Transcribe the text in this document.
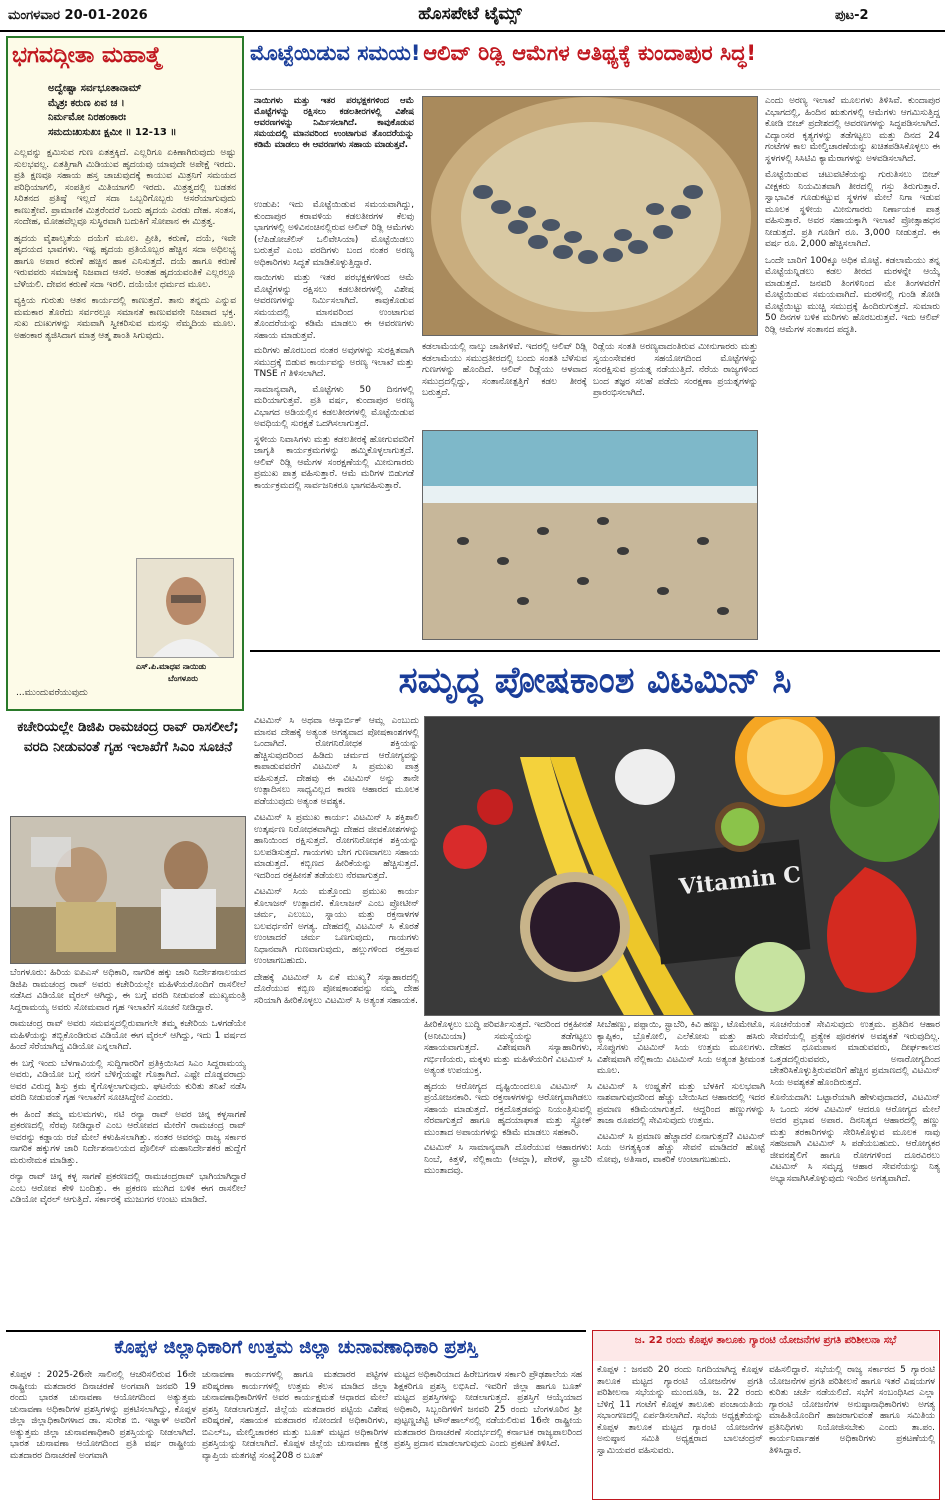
ಮಂಗಳವಾರ 20-01-2026	ಹೊಸಪೇಟೆ ಟೈಮ್ಸ್	ಪುಟ-2
ಭಗವದ್ಗೀತಾ ಮಹಾತ್ಮೆ
ಅದ್ವೇಷ್ಟಾ ಸರ್ವಭೂತಾನಾಮ್
ಮೈತ್ರಃ ಕರುಣ ಏವ ಚ ।
ನಿರ್ಮಮೋ ನಿರಹಂಕಾರಃ
ಸಮದುಃಖಸುಖಃ ಕ್ಷಮೀ ॥ 12-13 ॥

ಎಲ್ಲವನ್ನು ಕ್ಷಮಿಸುವ ಗುಣ ಏತತ್ತಕ್ಕಿದೆ. ಎಲ್ಲರಿಗೂ ಏಕಿಣಾಗಿರುವುದು ಅಷ್ಟು ಸುಲಭವಲ್ಲ. ಏತತ್ತಿಗಾಗಿ ಮಿಡಿಯುವ ಹೃದಯವು ಯಾವುದೇ ಅಪೇಕ್ಷೆ ಇರದು. ಪ್ರತಿ ಕ್ಷಣವೂ ಸಹಾಯ ಹಸ್ತ ಚಾಚುವುದಕ್ಕೆ ಕಾಯುವ ಮಿತ್ರನಿಗೆ ಸಮಯದ ಪರಿಧಿಯಾಗಲಿ, ಸಂಪತ್ತಿನ ಮಿತಿಯಾಗಲಿ ಇರದು. ಮಿತ್ರತ್ವದಲ್ಲಿ ಬಡತನ ಸಿರಿತನದ ಪ್ರತಿಷ್ಠೆ ಇಲ್ಲದೆ ಸದಾ ಒಬ್ಬರಿಗೊಬ್ಬರು ಆಸರೆಯಾಗುವುದು ಕಾಣುತ್ತೇವೆ. ಪ್ರಾಮಾಣಿಕ ಮಿತ್ರರೆಂದರೆ ಒಂದು ಹೃದಯ ಎರಡು ದೇಹ. ಸಂತಸ, ಸಂದೇಹ, ಮೋಹವೆಲ್ಲವೂ ಸುಸ್ಥಿರವಾಗಿ ಬದುಕಿಗೆ ಸೋಪಾನ ಈ ಮಿತ್ರತ್ವ.

ಹೃದಯ ವೈಶಾಲ್ಯತೆಯ ದಯೆಗೆ ಮೂಲ. ಪ್ರೀತಿ, ಕರುಣೆ, ದಯೆ, ಇವೇ ಹೃದಯದ ಭಾವಗಳು. ಇಷ್ಟ ಹೃದಯ ಪ್ರತಿಯೊಬ್ಬರ ಹೆಚ್ಚಿನ ಸದಾ ಅಧಿಲಭ್ಯ ಹಾಗೂ ಅಪಾರ ಕರುಣೆ ಹಚ್ಚಿನ ಹಾಕ ಎನಿಸುತ್ತದೆ. ದಯೆ ಹಾಗೂ ಕರುಣೆ ಇರುವವರು ಸಮಾಜಕ್ಕೆ ನಿಜವಾದ ಆಸರೆ. ಅಂತಹ ಹೃದಯವಂತಿಕೆ ಎಲ್ಲರಲ್ಲೂ ಬೆಳೆಯಲಿ. ದೇವನ ಕರುಣೆ ಸದಾ ಇರಲಿ. ದಯೆಯೇ ಧರ್ಮದ ಮೂಲ.

ವ್ಯಕ್ತಿಯ ಗುರುತು ಆತನ ಕಾರ್ಯದಲ್ಲಿ ಕಾಣುತ್ತದೆ. ತಾನು ತನ್ನದು ಎನ್ನುವ ಮಮಕಾರ ತೊರೆದು ಸರ್ವರಲ್ಲೂ ಸಮಾನತೆ ಕಾಣುವವನೇ ನಿಜವಾದ ಭಕ್ತ. ಸುಖ ದುಃಖಗಳನ್ನು ಸಮವಾಗಿ ಸ್ವೀಕರಿಸುವ ಮನಸ್ಸು ನೆಮ್ಮದಿಯ ಮೂಲ. ಅಹಂಕಾರ ತ್ಯಜಿಸಿದಾಗ ಮಾತ್ರ ಆತ್ಮ ಶಾಂತಿ ಸಿಗುವುದು.

ಎಸ್.ಪಿ.ಮಾಧವ ನಾಯಿಡು
ಬೆಂಗಳೂರು
...ಮುಂದುವರೆಯುವುದು
ಮೊಟ್ಟೆಯಿಡುವ ಸಮಯ! ಆಲಿವ್ ರಿಡ್ಲಿ ಆಮೆಗಳ ಆತಿಥ್ಯಕ್ಕೆ ಕುಂದಾಪುರ ಸಿದ್ಧ!
ನಾಯಿಗಳು ಮತ್ತು ಇತರ ಪರಭಕ್ಷಕಗಳಿಂದ ಆಮೆ ಮೊಟ್ಟೆಗಳನ್ನು ರಕ್ಷಿಸಲು ಕಡಲತೀರಗಳಲ್ಲಿ ವಿಶೇಷ ಆವರಣಗಳನ್ನು ನಿರ್ಮಿಸಲಾಗಿದೆ. ಕಾವುಕೊಡುವ ಸಮಯದಲ್ಲಿ ಮಾನವರಿಂದ ಉಂಟಾಗುವ ತೊಂದರೆಯನ್ನು ಕಡಿಮೆ ಮಾಡಲು ಈ ಆವರಣಗಳು ಸಹಾಯ ಮಾಡುತ್ತವೆ.

ಉಡುಪಿ: ಇದು ಮೊಟ್ಟೆಯಿಡುವ ಸಮಯವಾಗಿದ್ದು, ಕುಂದಾಪುರ ಕರಾವಳಿಯ ಕಡಲತೀರಗಳ ಕೆಲವು ಭಾಗಗಳಲ್ಲಿ ಅಳಿವಿನಂಚಿನಲ್ಲಿರುವ ಆಲಿವ್ ರಿಡ್ಲಿ ಆಮೆಗಳು (ಲೆಪಿಡೋಚೆಲಿಸ್ ಒಲಿವೇಸಿಯಾ) ಮೊಟ್ಟೆಯಿಡಲು ಬರುತ್ತವೆ ಎಂಬ ವರದಿಗಳು ಬಂದ ನಂತರ ಅರಣ್ಯ ಅಧಿಕಾರಿಗಳು ಸಿದ್ಧತೆ ಮಾಡಿಕೊಳ್ಳುತ್ತಿದ್ದಾರೆ.

ನಾಯಿಗಳು ಮತ್ತು ಇತರ ಪರಭಕ್ಷಕಗಳಿಂದ ಆಮೆ ಮೊಟ್ಟೆಗಳನ್ನು ರಕ್ಷಿಸಲು ಕಡಲತೀರಗಳಲ್ಲಿ ವಿಶೇಷ ಆವರಣಗಳನ್ನು ನಿರ್ಮಿಸಲಾಗಿದೆ. ಕಾವುಕೊಡುವ ಸಮಯದಲ್ಲಿ ಮಾನವರಿಂದ ಉಂಟಾಗುವ ತೊಂದರೆಯನ್ನು ಕಡಿಮೆ ಮಾಡಲು ಈ ಆವರಣಗಳು ಸಹಾಯ ಮಾಡುತ್ತವೆ.

ಮರಿಗಳು ಹೊರಬಂದ ನಂತರ ಅವುಗಳನ್ನು ಸುರಕ್ಷಿತವಾಗಿ ಸಮುದ್ರಕ್ಕೆ ಬಿಡುವ ಕಾರ್ಯವನ್ನು ಅರಣ್ಯ ಇಲಾಖೆ ಮತ್ತು TNSE ಗೆ ತಿಳಿಸಲಾಗಿದೆ.

ಸಾಮಾನ್ಯವಾಗಿ, ಮೊಟ್ಟೆಗಳು 50 ದಿನಗಳಲ್ಲಿ ಮರಿಯಾಗುತ್ತವೆ. ಪ್ರತಿ ವರ್ಷ, ಕುಂದಾಪುರ ಅರಣ್ಯ ವಿಭಾಗದ ಅಡಿಯಲ್ಲಿನ ಕಡಲತೀರಗಳಲ್ಲಿ ಮೊಟ್ಟೆಯಿಡುವ ಅವಧಿಯಲ್ಲಿ ಸುರಕ್ಷತೆ ಒದಗಿಸಲಾಗುತ್ತದೆ.

ಸ್ಥಳೀಯ ನಿವಾಸಿಗಳು ಮತ್ತು ಕಡಲತೀರಕ್ಕೆ ಹೋಗುವವರಿಗೆ ಜಾಗೃತಿ ಕಾರ್ಯಕ್ರಮಗಳನ್ನು ಹಮ್ಮಿಕೊಳ್ಳಲಾಗುತ್ತದೆ. ಆಲಿವ್ ರಿಡ್ಲಿ ಆಮೆಗಳ ಸಂರಕ್ಷಣೆಯಲ್ಲಿ ಮೀನುಗಾರರು ಪ್ರಮುಖ ಪಾತ್ರ ವಹಿಸುತ್ತಾರೆ. ಆಮೆ ಮರಿಗಳ ಬಿಡುಗಡೆ ಕಾರ್ಯಕ್ರಮದಲ್ಲಿ ಸಾರ್ವಜನಿಕರೂ ಭಾಗವಹಿಸುತ್ತಾರೆ.

ಕಡಲಾಮೆಯಲ್ಲಿ ನಾಲ್ಕು ಜಾತಿಗಳಿವೆ. ಇದರಲ್ಲಿ ಆಲಿವ್ ರಿಡ್ಲಿ ಕಡಲಾಮೆಯು ಸಮುದ್ರತೀರದಲ್ಲಿ ಬಂದು ಸಂತತಿ ಬೆಳೆಸುವ ಗುಣಗಳನ್ನು ಹೊಂದಿದೆ. ಆಲಿವ್ ರಿಡ್ಲೆಯು ಆಳವಾದ ಸಮುದ್ರದಲ್ಲಿದ್ದು, ಸಂತಾನೋತ್ಪತ್ತಿಗೆ ಕಡಲ ತೀರಕ್ಕೆ ಬರುತ್ತದೆ.

ರಿಡ್ಲೆಯ ಸಂತತಿ ಅರಣ್ಯವಾದಂತಿರುವ ಮೀನುಗಾರರು ಮತ್ತು ಸ್ವಯಂಸೇವಕರ ಸಹಯೋಗದಿಂದ ಮೊಟ್ಟೆಗಳನ್ನು ಸಂರಕ್ಷಿಸುವ ಪ್ರಯತ್ನ ನಡೆಯುತ್ತಿದೆ. ನೆರೆಯ ರಾಜ್ಯಗಳಿಂದ ಬಂದ ತಜ್ಞರ ಸಲಹೆ ಪಡೆದು ಸಂರಕ್ಷಣಾ ಪ್ರಯತ್ನಗಳನ್ನು ಪ್ರಾರಂಭಿಸಲಾಗಿದೆ.

ಎಂದು ಅರಣ್ಯ ಇಲಾಖೆ ಮೂಲಗಳು ತಿಳಿಸಿವೆ. ಕುಂದಾಪುರ ವಿಭಾಗದಲ್ಲಿ, ಹಿಂದಿನ ಋತುಗಳಲ್ಲಿ ಆಮೆಗಳು ಆಗಮಿಸುತ್ತಿದ್ದ ಕೋಡಿ ಬೀಚ್ ಪ್ರದೇಶದಲ್ಲಿ ಆವರಣಗಳನ್ನು ಸಿದ್ಧಪಡಿಸಲಾಗಿದೆ. ವಿದ್ಯಾಂಸರ ಕೃತ್ಯಗಳನ್ನು ತಡೆಗಟ್ಟಲು ಮತ್ತು ದಿನದ 24 ಗಂಟೆಗಳ ಕಾಲ ಮೇಲ್ವಿಚಾರಣೆಯನ್ನು ಖಚಿತಪಡಿಸಿಕೊಳ್ಳಲು ಈ ಸ್ಥಳಗಳಲ್ಲಿ ಸಿಸಿಟಿವಿ ಕ್ಯಾಮೆರಾಗಳನ್ನು ಅಳವಡಿಸಲಾಗಿದೆ.

ಮೊಟ್ಟೆಯಿಡುವ ಚಟುವಟಿಕೆಯನ್ನು ಗುರುತಿಸಲು ಬೀಚ್ ವೀಕ್ಷಕರು ನಿಯಮಿತವಾಗಿ ತೀರದಲ್ಲಿ ಗಸ್ತು ತಿರುಗುತ್ತಾರೆ. ಸ್ವಾಭಾವಿಕ ಗೂಡುಕಟ್ಟುವ ಸ್ಥಳಗಳ ಮೇಲೆ ನಿಗಾ ಇಡುವ ಮೂಲಕ ಸ್ಥಳೀಯ ಮೀನುಗಾರರು ನಿರ್ಣಾಯಕ ಪಾತ್ರ ವಹಿಸುತ್ತಾರೆ. ಅವರ ಸಹಾಯಕ್ಕಾಗಿ ಇಲಾಖೆ ಪ್ರೋತ್ಸಾಹಧನ ನೀಡುತ್ತದೆ. ಪ್ರತಿ ಗೂಡಿಗೆ ರೂ. 3,000 ನೀಡುತ್ತದೆ. ಈ ವರ್ಷ ರೂ. 2,000 ಹೆಚ್ಚಿಸಲಾಗಿದೆ.

ಒಂದೇ ಬಾರಿಗೆ 100ಕ್ಕೂ ಅಧಿಕ ಮೊಟ್ಟೆ. ಕಡಲಾಮೆಯು ತನ್ನ ಮೊಟ್ಟೆಯನ್ನಿಡಲು ಕಡಲ ತೀರದ ಮರಳನ್ನೇ ಆಯ್ಕೆ ಮಾಡುತ್ತದೆ. ಜನವರಿ ತಿಂಗಳಿನಿಂದ ಮೇ ತಿಂಗಳವರೆಗೆ ಮೊಟ್ಟೆಯಿಡುವ ಸಮಯವಾಗಿದೆ. ಮರಳಿನಲ್ಲಿ ಗುಂಡಿ ತೋಡಿ ಮೊಟ್ಟೆಯಿಟ್ಟು ಮುಚ್ಚಿ ಸಮುದ್ರಕ್ಕೆ ಹಿಂದಿರುಗುತ್ತದೆ. ಸುಮಾರು 50 ದಿನಗಳ ಬಳಿಕ ಮರಿಗಳು ಹೊರಬರುತ್ತವೆ. ಇದು ಆಲಿವ್ ರಿಡ್ಲಿ ಆಮೆಗಳ ಸಂತಾನದ ಪದ್ಧತಿ.

ಸಮೃದ್ಧ ಪೋಷಕಾಂಶ ವಿಟಮಿನ್ ಸಿ

ವಿಟಮಿನ್ ಸಿ ಅಥವಾ ಆಸ್ಕಾರ್ಬಿಕ್ ಆಮ್ಲ ಎಂಬುದು ಮಾನವ ದೇಹಕ್ಕೆ ಅತ್ಯಂತ ಅಗತ್ಯವಾದ ಪೋಷಕಾಂಶಗಳಲ್ಲಿ ಒಂದಾಗಿದೆ. ರೋಗನಿರೋಧಕ ಶಕ್ತಿಯನ್ನು ಹೆಚ್ಚಿಸುವುದರಿಂದ ಹಿಡಿದು ಚರ್ಮದ ಆರೋಗ್ಯವನ್ನು ಕಾಪಾಡುವವರೆಗೆ ವಿಟಮಿನ್ ಸಿ ಪ್ರಮುಖ ಪಾತ್ರ ವಹಿಸುತ್ತದೆ. ದೇಹವು ಈ ವಿಟಮಿನ್ ಅನ್ನು ತಾನೇ ಉತ್ಪಾದಿಸಲು ಸಾಧ್ಯವಿಲ್ಲದ ಕಾರಣ ಆಹಾರದ ಮೂಲಕ ಪಡೆಯುವುದು ಅತ್ಯಂತ ಅವಶ್ಯಕ.

ವಿಟಮಿನ್ ಸಿ ಪ್ರಮುಖ ಕಾರ್ಯ: ವಿಟಮಿನ್ ಸಿ ಶಕ್ತಿಶಾಲಿ ಉತ್ಕರ್ಷಣ ನಿರೋಧಕವಾಗಿದ್ದು ದೇಹದ ಜೀವಕೋಶಗಳನ್ನು ಹಾನಿಯಿಂದ ರಕ್ಷಿಸುತ್ತದೆ. ರೋಗನಿರೋಧಕ ಶಕ್ತಿಯನ್ನು ಬಲಪಡಿಸುತ್ತದೆ. ಗಾಯಗಳು ಬೇಗ ಗುಣವಾಗಲು ಸಹಾಯ ಮಾಡುತ್ತದೆ. ಕಬ್ಬಿಣದ ಹೀರಿಕೆಯನ್ನು ಹೆಚ್ಚಿಸುತ್ತದೆ. ಇದರಿಂದ ರಕ್ತಹೀನತೆ ತಡೆಯಲು ನೆರವಾಗುತ್ತದೆ.

ವಿಟಮಿನ್ ಸಿಯ ಮತ್ತೊಂದು ಪ್ರಮುಖ ಕಾರ್ಯ ಕೊಲಾಜನ್ ಉತ್ಪಾದನೆ. ಕೊಲಾಜನ್ ಎಂಬ ಪ್ರೋಟೀನ್ ಚರ್ಮ, ಎಲುಬು, ಸ್ನಾಯು ಮತ್ತು ರಕ್ತನಾಳಗಳ ಬಲವರ್ಧನೆಗೆ ಅಗತ್ಯ. ದೇಹದಲ್ಲಿ ವಿಟಮಿನ್ ಸಿ ಕೊರತೆ ಉಂಟಾದರೆ ಚರ್ಮ ಒಣಗುವುದು, ಗಾಯಗಳು ನಿಧಾನವಾಗಿ ಗುಣವಾಗುವುದು, ಹಲ್ಲುಗಳಿಂದ ರಕ್ತಸ್ರಾವ ಉಂಟಾಗಬಹುದು.

ದೇಹಕ್ಕೆ ವಿಟಮಿನ್ ಸಿ ಏಕೆ ಮುಖ್ಯ? ಸಸ್ಯಾಹಾರದಲ್ಲಿ ದೊರೆಯುವ ಕಬ್ಬಿಣ ಪೋಷಕಾಂಶವನ್ನು ನಮ್ಮ ದೇಹ ಸರಿಯಾಗಿ ಹೀರಿಕೊಳ್ಳಲು ವಿಟಮಿನ್ ಸಿ ಅತ್ಯಂತ ಸಹಾಯಕ.

Vitamin C

ಹೀರಿಕೊಳ್ಳಲು ಬುದ್ಧಿ ಪರಿವರ್ತಿಸುತ್ತದೆ. ಇದರಿಂದ ರಕ್ತಹೀನತೆ (ಅನೀಮಿಯಾ) ಸಮಸ್ಯೆಯನ್ನು ತಡೆಗಟ್ಟಲು ಸಹಾಯವಾಗುತ್ತದೆ. ವಿಶೇಷವಾಗಿ ಸಸ್ಯಾಹಾರಿಗಳು, ಗರ್ಭಿಣಿಯರು, ಮಕ್ಕಳು ಮತ್ತು ಮಹಿಳೆಯರಿಗೆ ವಿಟಮಿನ್ ಸಿ ಅತ್ಯಂತ ಉಪಯುಕ್ತ.

ಹೃದಯ ಆರೋಗ್ಯದ ದೃಷ್ಟಿಯಿಂದಲೂ ವಿಟಮಿನ್ ಸಿ ಪ್ರಯೋಜನಕಾರಿ. ಇದು ರಕ್ತನಾಳಗಳನ್ನು ಆರೋಗ್ಯವಾಗಿಡಲು ಸಹಾಯ ಮಾಡುತ್ತದೆ. ರಕ್ತದೊತ್ತಡವನ್ನು ನಿಯಂತ್ರಿಸುವಲ್ಲಿ ನೆರವಾಗುತ್ತದೆ ಹಾಗೂ ಹೃದಯಾಘಾತ ಮತ್ತು ಸ್ಟ್ರೋಕ್ ಮುಂತಾದ ಅಪಾಯಗಳನ್ನು ಕಡಿಮೆ ಮಾಡಲು ಸಹಕಾರಿ.

ವಿಟಮಿನ್ ಸಿ ಸಾಮಾನ್ಯವಾಗಿ ದೊರೆಯುವ ಆಹಾರಗಳು: ನಿಂಬೆ, ಕಿತ್ತಳೆ, ನೆಲ್ಲಿಕಾಯಿ (ಆಮ್ಲಾ), ಪೇರಳೆ, ಸ್ಟ್ರಾಬೆರಿ ಮುಂತಾದವು.

ಸೀಬೆಹಣ್ಣು, ಪಪ್ಪಾಯಿ, ಸ್ಟ್ರಾಬೆರಿ, ಕಿವಿ ಹಣ್ಣು, ಟೊಮೇಟೊ, ಕ್ಯಾಪ್ಸಿಕಂ, ಬ್ರೊಕೋಲಿ, ಎಲೆಕೋಸು ಮತ್ತು ಹಸಿರು ಸೊಪ್ಪುಗಳು ವಿಟಮಿನ್ ಸಿಯ ಉತ್ತಮ ಮೂಲಗಳು. ವಿಶೇಷವಾಗಿ ನೆಲ್ಲಿಕಾಯಿ ವಿಟಮಿನ್ ಸಿಯ ಅತ್ಯಂತ ಶ್ರೀಮಂತ ಮೂಲ.

ವಿಟಮಿನ್ ಸಿ ಉಷ್ಣತೆಗೆ ಮತ್ತು ಬೆಳಕಿಗೆ ಸುಲಭವಾಗಿ ನಾಶವಾಗುವುದರಿಂದ ಹೆಚ್ಚು ಬೇಯಿಸಿದ ಆಹಾರದಲ್ಲಿ ಇದರ ಪ್ರಮಾಣ ಕಡಿಮೆಯಾಗುತ್ತದೆ. ಆದ್ದರಿಂದ ಹಣ್ಣುಗಳನ್ನು ತಾಜಾ ರೂಪದಲ್ಲಿ ಸೇವಿಸುವುದು ಉತ್ತಮ.

ವಿಟಮಿನ್ ಸಿ ಪ್ರಮಾಣ ಹೆಚ್ಚಾದರೆ ಏನಾಗುತ್ತದೆ? ವಿಟಮಿನ್ ಸಿಯ ಅಗತ್ಯಕ್ಕಿಂತ ಹೆಚ್ಚು ಸೇವನೆ ಮಾಡಿದರೆ ಹೊಟ್ಟೆ ನೋವು, ಅತಿಸಾರ, ವಾಕರಿಕೆ ಉಂಟಾಗಬಹುದು.

ಸೂಚನೆಯಂತೆ ಸೇವಿಸುವುದು ಉತ್ತಮ. ಪ್ರತಿದಿನ ಆಹಾರ ಸೇವನೆಯಲ್ಲಿ ಪ್ರತ್ಯೇಕ ಪೂರಕಗಳ ಅವಶ್ಯಕತೆ ಇರುವುದಿಲ್ಲ. ದೇಹದ ಧೂಮಪಾನ ಮಾಡುವವರು, ದೀರ್ಘಕಾಲದ ಒತ್ತಡದಲ್ಲಿರುವವರು, ಅನಾರೋಗ್ಯದಿಂದ ಚೇತರಿಸಿಕೊಳ್ಳುತ್ತಿರುವವರಿಗೆ ಹೆಚ್ಚಿನ ಪ್ರಮಾಣದಲ್ಲಿ ವಿಟಮಿನ್ ಸಿಯ ಅವಶ್ಯಕತೆ ಹೊಂದಿರುತ್ತದೆ.

ಕೊನೆಯದಾಗಿ: ಒಟ್ಟಾರೆಯಾಗಿ ಹೇಳುವುದಾದರೆ, ವಿಟಮಿನ್ ಸಿ ಒಂದು ಸರಳ ವಿಟಮಿನ್ ಆದರೂ ಆರೋಗ್ಯದ ಮೇಲೆ ಅದರ ಪ್ರಭಾವ ಅಪಾರ. ದಿನನಿತ್ಯದ ಆಹಾರದಲ್ಲಿ ಹಣ್ಣು ಮತ್ತು ತರಕಾರಿಗಳನ್ನು ಸೇರಿಸಿಕೊಳ್ಳುವ ಮೂಲಕ ನಾವು ಸಹಜವಾಗಿ ವಿಟಮಿನ್ ಸಿ ಪಡೆಯಬಹುದು. ಆರೋಗ್ಯಕರ ಜೀವನಶೈಲಿಗೆ ಹಾಗೂ ರೋಗಗಳಿಂದ ದೂರವಿರಲು ವಿಟಮಿನ್ ಸಿ ಸಮೃದ್ಧ ಆಹಾರ ಸೇವನೆಯನ್ನು ನಿತ್ಯ ಅಭ್ಯಾಸವಾಗಿಸಿಕೊಳ್ಳುವುದು ಇಂದಿನ ಅಗತ್ಯವಾಗಿದೆ.

ಕಚೇರಿಯಲ್ಲೇ ಡಿಜಿಪಿ ರಾಮಚಂದ್ರ ರಾವ್ ರಾಸಲೀಲೆ; ವರದಿ ನೀಡುವಂತೆ ಗೃಹ ಇಲಾಖೆಗೆ ಸಿಎಂ ಸೂಚನೆ

ಬೆಂಗಳೂರು: ಹಿರಿಯ ಐಪಿಎಸ್ ಅಧಿಕಾರಿ, ನಾಗರಿಕ ಹಕ್ಕು ಜಾರಿ ನಿರ್ದೇಶನಾಲಯದ ಡಿಜಿಪಿ ರಾಮಚಂದ್ರ ರಾವ್ ಅವರು ಕಚೇರಿಯಲ್ಲೇ ಮಹಿಳೆಯರೊಂದಿಗೆ ರಾಸಲೀಲೆ ನಡೆಸಿದ ವಿಡಿಯೋ ವೈರಲ್ ಆಗಿದ್ದು, ಈ ಬಗ್ಗೆ ವರದಿ ನೀಡುವಂತೆ ಮುಖ್ಯಮಂತ್ರಿ ಸಿದ್ದರಾಮಯ್ಯ ಅವರು ಸೋಮವಾರ ಗೃಹ ಇಲಾಖೆಗೆ ಸೂಚನೆ ನೀಡಿದ್ದಾರೆ.

ರಾಮಚಂದ್ರ ರಾವ್ ಅವರು ಸಮವಸ್ತ್ರದಲ್ಲಿರುವಾಗಲೇ ತಮ್ಮ ಕಚೇರಿಯ ಒಳಗಡೆಯೇ ಮಹಿಳೆಯನ್ನು ತಬ್ಬಿಕೊಂಡಿರುವ ವಿಡಿಯೋ ಈಗ ವೈರಲ್ ಆಗಿದ್ದು, ಇದು 1 ವರ್ಷದ ಹಿಂದೆ ಸೆರೆಯಾಗಿದ್ದ ವಿಡಿಯೋ ಎನ್ನಲಾಗಿದೆ.

ಈ ಬಗ್ಗೆ ಇಂದು ಬೆಳಗಾವಿಯಲ್ಲಿ ಸುದ್ದಿಗಾರರಿಗೆ ಪ್ರತಿಕ್ರಿಯಿಸಿದ ಸಿಎಂ ಸಿದ್ದರಾಮಯ್ಯ ಅವರು, ವಿಡಿಯೋ ಬಗ್ಗೆ ನನಗೆ ಬೆಳಿಗ್ಗೆಯಷ್ಟೇ ಗೊತ್ತಾಗಿದೆ. ಎಷ್ಟೇ ದೊಡ್ಡವರಾದ್ರು ಅವರ ವಿರುದ್ಧ ಶಿಸ್ತು ಕ್ರಮ ಕೈಗೊಳ್ಳಲಾಗುವುದು. ಘಟನೆಯ ಕುರಿತು ತನಿಖೆ ನಡೆಸಿ ವರದಿ ನೀಡುವಂತೆ ಗೃಹ ಇಲಾಖೆಗೆ ಸೂಚಿಸಿದ್ದೇನೆ ಎಂದರು.

ಈ ಹಿಂದೆ ತಮ್ಮ ಮಲಮಗಳು, ನಟಿ ರನ್ಯಾ ರಾವ್ ಅವರ ಚಿನ್ನ ಕಳ್ಳಸಾಗಣೆ ಪ್ರಕರಣದಲ್ಲಿ ನೆರವು ನೀಡಿದ್ದಾರೆ ಎಂಬ ಆರೋಪದ ಮೇರೆಗೆ ರಾಮಚಂದ್ರ ರಾವ್ ಅವರನ್ನು ಕಡ್ಡಾಯ ರಜೆ ಮೇಲೆ ಕಳುಹಿಸಲಾಗಿತ್ತು. ನಂತರ ಅವರನ್ನು ರಾಜ್ಯ ಸರ್ಕಾರ ನಾಗರಿಕ ಹಕ್ಕುಗಳ ಜಾರಿ ನಿರ್ದೇಶನಾಲಯದ ಪೊಲೀಸ್ ಮಹಾನಿರ್ದೇಶಕರ ಹುದ್ದೆಗೆ ಮರುನೇಮಕ ಮಾಡಿತ್ತು.

ರನ್ಯಾ ರಾವ್ ಚಿನ್ನ ಕಳ್ಳ ಸಾಗಣೆ ಪ್ರಕರಣದಲ್ಲಿ ರಾಮಚಂದ್ರರಾವ್ ಭಾಗಿಯಾಗಿದ್ದಾರೆ ಎಂಬ ಆರೋಪ ಕೇಳಿ ಬಂದಿತ್ತು. ಈ ಪ್ರಕರಣ ಮುಗಿದ ಬಳಿಕ ಈಗ ರಾಸಲೀಲೆ ವಿಡಿಯೋ ವೈರಲ್ ಆಗುತ್ತಿದೆ. ಸರ್ಕಾರಕ್ಕೆ ಮುಜುಗರ ಉಂಟು ಮಾಡಿದೆ.

ಕೊಪ್ಪಳ ಜಿಲ್ಲಾಧಿಕಾರಿಗೆ ಉತ್ತಮ ಜಿಲ್ಲಾ ಚುನಾವಣಾಧಿಕಾರಿ ಪ್ರಶಸ್ತಿ

ಕೊಪ್ಪಳ : 2025-26ನೇ ಸಾಲಿನಲ್ಲಿ ಆಚರಿಸಲಿರುವ 16ನೇ ರಾಷ್ಟ್ರೀಯ ಮತದಾರರ ದಿನಾಚರಣೆ ಅಂಗವಾಗಿ ಜನವರಿ 19 ರಂದು ಭಾರತ ಚುನಾವಣಾ ಆಯೋಗದಿಂದ ಅತ್ಯುತ್ತಮ ಚುನಾವಣಾ ಅಧಿಕಾರಿಗಳ ಪ್ರಶಸ್ತಿಗಳನ್ನು ಪ್ರಕಟಿಸಲಾಗಿದ್ದು, ಕೊಪ್ಪಳ ಜಿಲ್ಲಾ ಜಿಲ್ಲಾಧಿಕಾರಿಗಳಾದ ಡಾ. ಸುರೇಶ ಬಿ. ಇಟ್ನಾಳ್ ಅವರಿಗೆ ಅತ್ಯುತ್ತಮ ಜಿಲ್ಲಾ ಚುನಾವಣಾಧಿಕಾರಿ ಪ್ರಶಸ್ತಿಯನ್ನು ನೀಡಲಾಗಿದೆ. ಭಾರತ ಚುನಾವಣಾ ಆಯೋಗದಿಂದ ಪ್ರತಿ ವರ್ಷ ರಾಷ್ಟ್ರೀಯ ಮತದಾರರ ದಿನಾಚರಣೆ ಅಂಗವಾಗಿ

ಚುನಾವಣಾ ಕಾರ್ಯಗಳಲ್ಲಿ ಹಾಗೂ ಮತದಾರರ ಪಟ್ಟಿಗಳ ಪರಿಷ್ಕರಣಾ ಕಾರ್ಯಗಳಲ್ಲಿ ಉತ್ತಮ ಕೆಲಸ ಮಾಡಿದ ಜಿಲ್ಲಾ ಚುನಾವಣಾಧಿಕಾರಿಗಳಿಗೆ ಅವರ ಕಾರ್ಯಕ್ಷಮತೆ ಆಧಾರದ ಮೇಲೆ ಪ್ರಶಸ್ತಿ ನೀಡಲಾಗುತ್ತದೆ. ಜಿಲ್ಲೆಯ ಮತದಾರರ ಪಟ್ಟಿಯ ವಿಶೇಷ ಪರಿಷ್ಕರಣೆ, ಸಹಾಯಕ ಮತದಾರರ ನೋಂದಣಿ ಅಧಿಕಾರಿಗಳು, ಬಿಎಲ್‌ಒ, ಮೇಲ್ವಿಚಾರಕರ ಮತ್ತು ಬೂತ್ ಮಟ್ಟದ ಅಧಿಕಾರಿಗಳ ಪ್ರಶಸ್ತಿಯನ್ನು ನೀಡಲಾಗಿದೆ. ಕೊಪ್ಪಳ ಜಿಲ್ಲೆಯ ಚುನಾವಣಾ ಕ್ಷೇತ್ರ ವ್ಯಾಪ್ತಿಯ ಮತಗಟ್ಟೆ ಸಂಖ್ಯೆ208 ರ ಬೂತ್

ಮಟ್ಟದ ಅಧಿಕಾರಿಯಾದ ಹಿರೇಬಗನಾಳ ಸರ್ಕಾರಿ ಪ್ರೌಢಶಾಲೆಯ ಸಹ ಶಿಕ್ಷಕರಿಗೂ ಪ್ರಶಸ್ತಿ ಲಭಿಸಿದೆ. ಇವರಿಗೆ ಜಿಲ್ಲಾ ಹಾಗೂ ಬೂತ್ ಮಟ್ಟದ ಪ್ರಶಸ್ತಿಗಳನ್ನು ನೀಡಲಾಗುತ್ತದೆ. ಪ್ರಶಸ್ತಿಗೆ ಆಯ್ಕೆಯಾದ ಅಧಿಕಾರಿ, ಸಿಬ್ಬಂದಿಗಳಿಗೆ ಜನವರಿ 25 ರಂದು ಬೆಂಗಳೂರಿನ ಶ್ರೀ ಪುಟ್ಟಣ್ಣಚೆಟ್ಟಿ ಟೌನ್‌ಹಾಲ್‌ನಲ್ಲಿ ನಡೆಯಲಿರುವ 16ನೇ ರಾಷ್ಟ್ರೀಯ ಮತದಾರರ ದಿನಾಚರಣೆ ಸಂದರ್ಭದಲ್ಲಿ ಕರ್ನಾಟಕ ರಾಜ್ಯಪಾಲರಿಂದ ಪ್ರಶಸ್ತಿ ಪ್ರದಾನ ಮಾಡಲಾಗುವುದು ಎಂದು ಪ್ರಕಟಣೆ ತಿಳಿಸಿದೆ.

ಜ. 22 ರಂದು ಕೊಪ್ಪಳ ತಾಲೂಕು ಗ್ಯಾರಂಟಿ ಯೋಜನೆಗಳ ಪ್ರಗತಿ ಪರಿಶೀಲನಾ ಸಭೆ

ಕೊಪ್ಪಳ : ಜನವರಿ 20 ರಂದು ನಿಗದಿಯಾಗಿದ್ದ ಕೊಪ್ಪಳ ತಾಲೂಕ ಮಟ್ಟದ ಗ್ಯಾರಂಟಿ ಯೋಜನೆಗಳ ಪ್ರಗತಿ ಪರಿಶೀಲನಾ ಸಭೆಯನ್ನು ಮುಂದೂಡಿ, ಜ. 22 ರಂದು ಬೆಳಿಗ್ಗೆ 11 ಗಂಟೆಗೆ ಕೊಪ್ಪಳ ತಾಲೂಕು ಪಂಚಾಯತಿಯ ಸಭಾಂಗಣದಲ್ಲಿ ಏರ್ಪಡಿಸಲಾಗಿದೆ. ಸಭೆಯ ಅಧ್ಯಕ್ಷತೆಯನ್ನು ಕೊಪ್ಪಳ ತಾಲೂಕ ಮಟ್ಟದ ಗ್ಯಾರಂಟಿ ಯೋಜನೆಗಳ ಅನುಷ್ಠಾನ ಸಮಿತಿ ಅಧ್ಯಕ್ಷರಾದ ಬಾಲಚಂದ್ರನ್ ಸ್ವಾಮಿಯವರ ವಹಿಸುವರು.

ವಹಿಸಲಿದ್ದಾರೆ. ಸಭೆಯಲ್ಲಿ ರಾಜ್ಯ ಸರ್ಕಾರದ 5 ಗ್ಯಾರಂಟಿ ಯೋಜನೆಗಳ ಪ್ರಗತಿ ಪರಿಶೀಲನೆ ಹಾಗೂ ಇತರೆ ವಿಷಯಗಳ ಕುರಿತು ಚರ್ಚೆ ನಡೆಯಲಿದೆ. ಸಭೆಗೆ ಸಂಬಂಧಿಸಿದ ಎಲ್ಲಾ ಗ್ಯಾರಂಟಿ ಯೋಜನೆಗಳ ಅನುಷ್ಠಾನಾಧಿಕಾರಿಗಳು ಅಗತ್ಯ ಮಾಹಿತಿಯೊಂದಿಗೆ ಹಾಜರಾಗುವಂತೆ ಹಾಗೂ ಸಮಿತಿಯ ಪ್ರತಿನಿಧಿಗಳು ನಿಯೋಜಿಸಬೇಕು ಎಂದು ತಾ.ಪಂ. ಕಾರ್ಯನಿರ್ವಾಹಕ ಅಧಿಕಾರಿಗಳು ಪ್ರಕಟಣೆಯಲ್ಲಿ ತಿಳಿಸಿದ್ದಾರೆ.
